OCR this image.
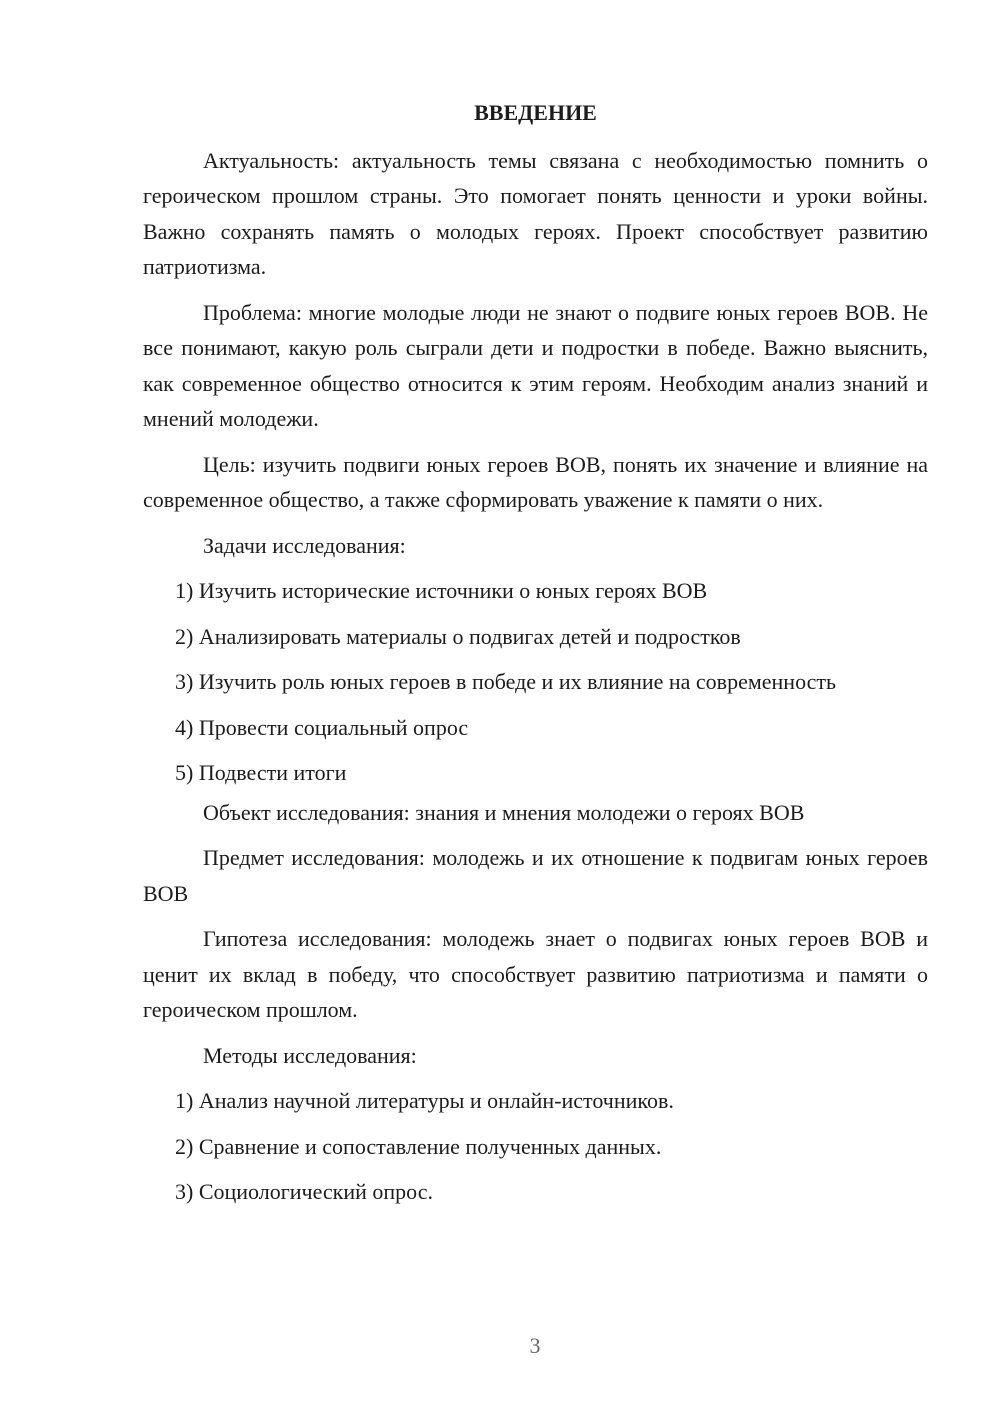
ВВЕДЕНИЕ

Актуальность: актуальность темы связана с необходимостью помнить о героическом прошлом страны. Это помогает понять ценности и уроки войны. Важно сохранять память о молодых героях. Проект способствует развитию патриотизма.

Проблема: многие молодые люди не знают о подвиге юных героев ВОВ. Не все понимают, какую роль сыграли дети и подростки в победе. Важно выяснить, как современное общество относится к этим героям. Необходим анализ знаний и мнений молодежи.

Цель: изучить подвиги юных героев ВОВ, понять их значение и влияние на современное общество, а также сформировать уважение к памяти о них.

Задачи исследования:

1) Изучить исторические источники о юных героях ВОВ

2) Анализировать материалы о подвигах детей и подростков

3) Изучить роль юных героев в победе и их влияние на современность

4) Провести социальный опрос

5) Подвести итоги

Объект исследования: знания и мнения молодежи о героях ВОВ

Предмет исследования: молодежь и их отношение к подвигам юных героев ВОВ

Гипотеза исследования: молодежь знает о подвигах юных героев ВОВ и ценит их вклад в победу, что способствует развитию патриотизма и памяти о героическом прошлом.

Методы исследования:

1) Анализ научной литературы и онлайн-источников.

2) Сравнение и сопоставление полученных данных.

3) Социологический опрос.

3
